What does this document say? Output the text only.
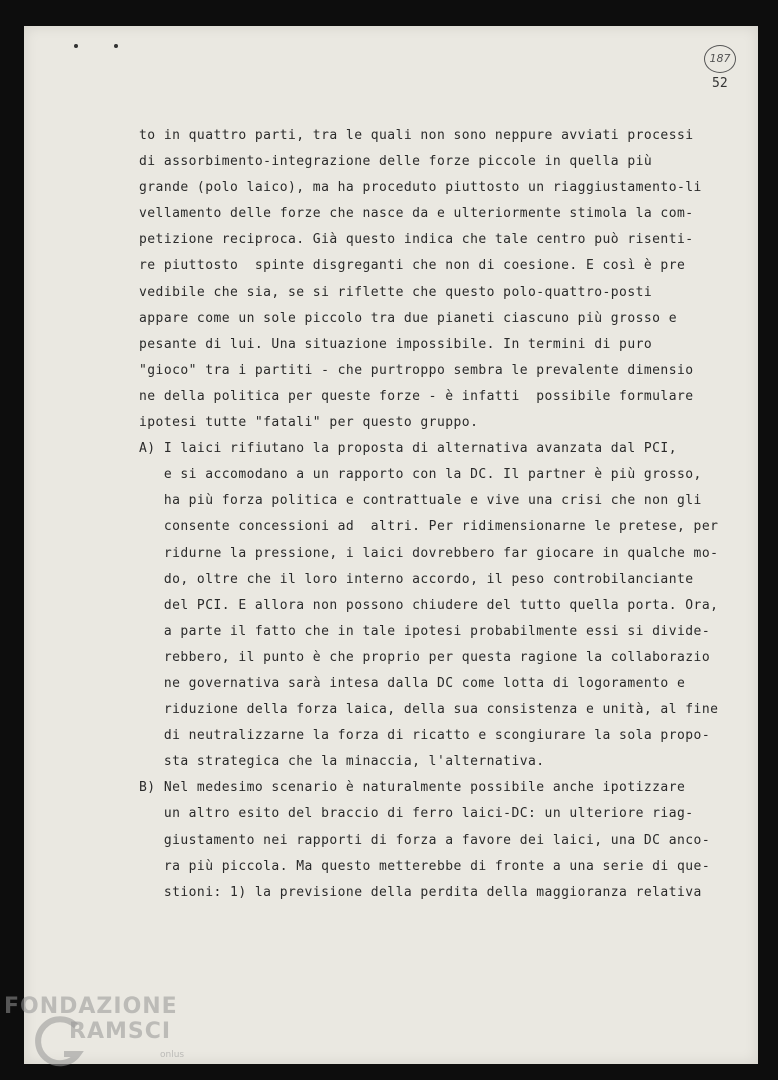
187
52
to in quattro parti, tra le quali non sono neppure avviati processi
di assorbimento-integrazione delle forze piccole in quella più
grande (polo laico), ma ha proceduto piuttosto un riaggiustamento-li
vellamento delle forze che nasce da e ulteriormente stimola la com-
petizione reciproca. Già questo indica che tale centro può risenti-
re piuttosto  spinte disgreganti che non di coesione. E così è pre
vedibile che sia, se si riflette che questo polo-quattro-posti
appare come un sole piccolo tra due pianeti ciascuno più grosso e
pesante di lui. Una situazione impossibile. In termini di puro
"gioco" tra i partiti - che purtroppo sembra le prevalente dimensio
ne della politica per queste forze - è infatti  possibile formulare
ipotesi tutte "fatali" per questo gruppo.
A) I laici rifiutano la proposta di alternativa avanzata dal PCI,
e si accomodano a un rapporto con la DC. Il partner è più grosso,
ha più forza politica e contrattuale e vive una crisi che non gli
consente concessioni ad  altri. Per ridimensionarne le pretese, per
ridurne la pressione, i laici dovrebbero far giocare in qualche mo-
do, oltre che il loro interno accordo, il peso controbilanciante
del PCI. E allora non possono chiudere del tutto quella porta. Ora,
a parte il fatto che in tale ipotesi probabilmente essi si divide-
rebbero, il punto è che proprio per questa ragione la collaborazio
ne governativa sarà intesa dalla DC come lotta di logoramento e
riduzione della forza laica, della sua consistenza e unità, al fine
di neutralizzarne la forza di ricatto e scongiurare la sola propo-
sta strategica che la minaccia, l'alternativa.
B) Nel medesimo scenario è naturalmente possibile anche ipotizzare
un altro esito del braccio di ferro laici-DC: un ulteriore riag-
giustamento nei rapporti di forza a favore dei laici, una DC anco-
ra più piccola. Ma questo metterebbe di fronte a una serie di que-
stioni: 1) la previsione della perdita della maggioranza relativa
FONDAZIONE
RAMSCI
onlus
